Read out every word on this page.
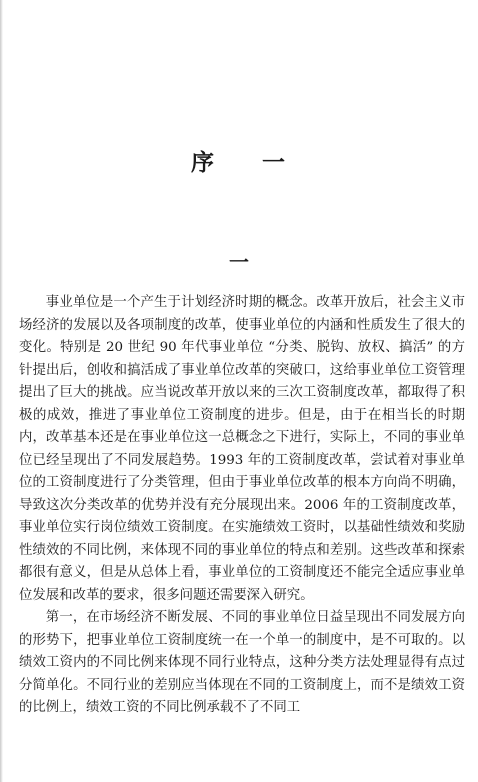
序 一
一

事业单位是一个产生于计划经济时期的概念。改革开放后，社会主义市场经济的发展以及各项制度的改革，使事业单位的内涵和性质发生了很大的变化。特别是 20 世纪 90 年代事业单位 “分类、脱钩、放权、搞活” 的方针提出后，创收和搞活成了事业单位改革的突破口，这给事业单位工资管理提出了巨大的挑战。应当说改革开放以来的三次工资制度改革，都取得了积极的成效，推进了事业单位工资制度的进步。但是，由于在相当长的时期内，改革基本还是在事业单位这一总概念之下进行，实际上，不同的事业单位已经呈现出了不同发展趋势。1993 年的工资制度改革，尝试着对事业单位的工资制度进行了分类管理，但由于事业单位改革的根本方向尚不明确，导致这次分类改革的优势并没有充分展现出来。2006 年的工资制度改革，事业单位实行岗位绩效工资制度。在实施绩效工资时，以基础性绩效和奖励性绩效的不同比例，来体现不同的事业单位的特点和差别。这些改革和探索都很有意义，但是从总体上看，事业单位的工资制度还不能完全适应事业单位发展和改革的要求，很多问题还需要深入研究。

第一，在市场经济不断发展、不同的事业单位日益呈现出不同发展方向的形势下，把事业单位工资制度统一在一个单一的制度中，是不可取的。以绩效工资内的不同比例来体现不同行业特点，这种分类方法处理显得有点过分简单化。不同行业的差别应当体现在不同的工资制度上，而不是绩效工资的比例上，绩效工资的不同比例承载不了不同工
